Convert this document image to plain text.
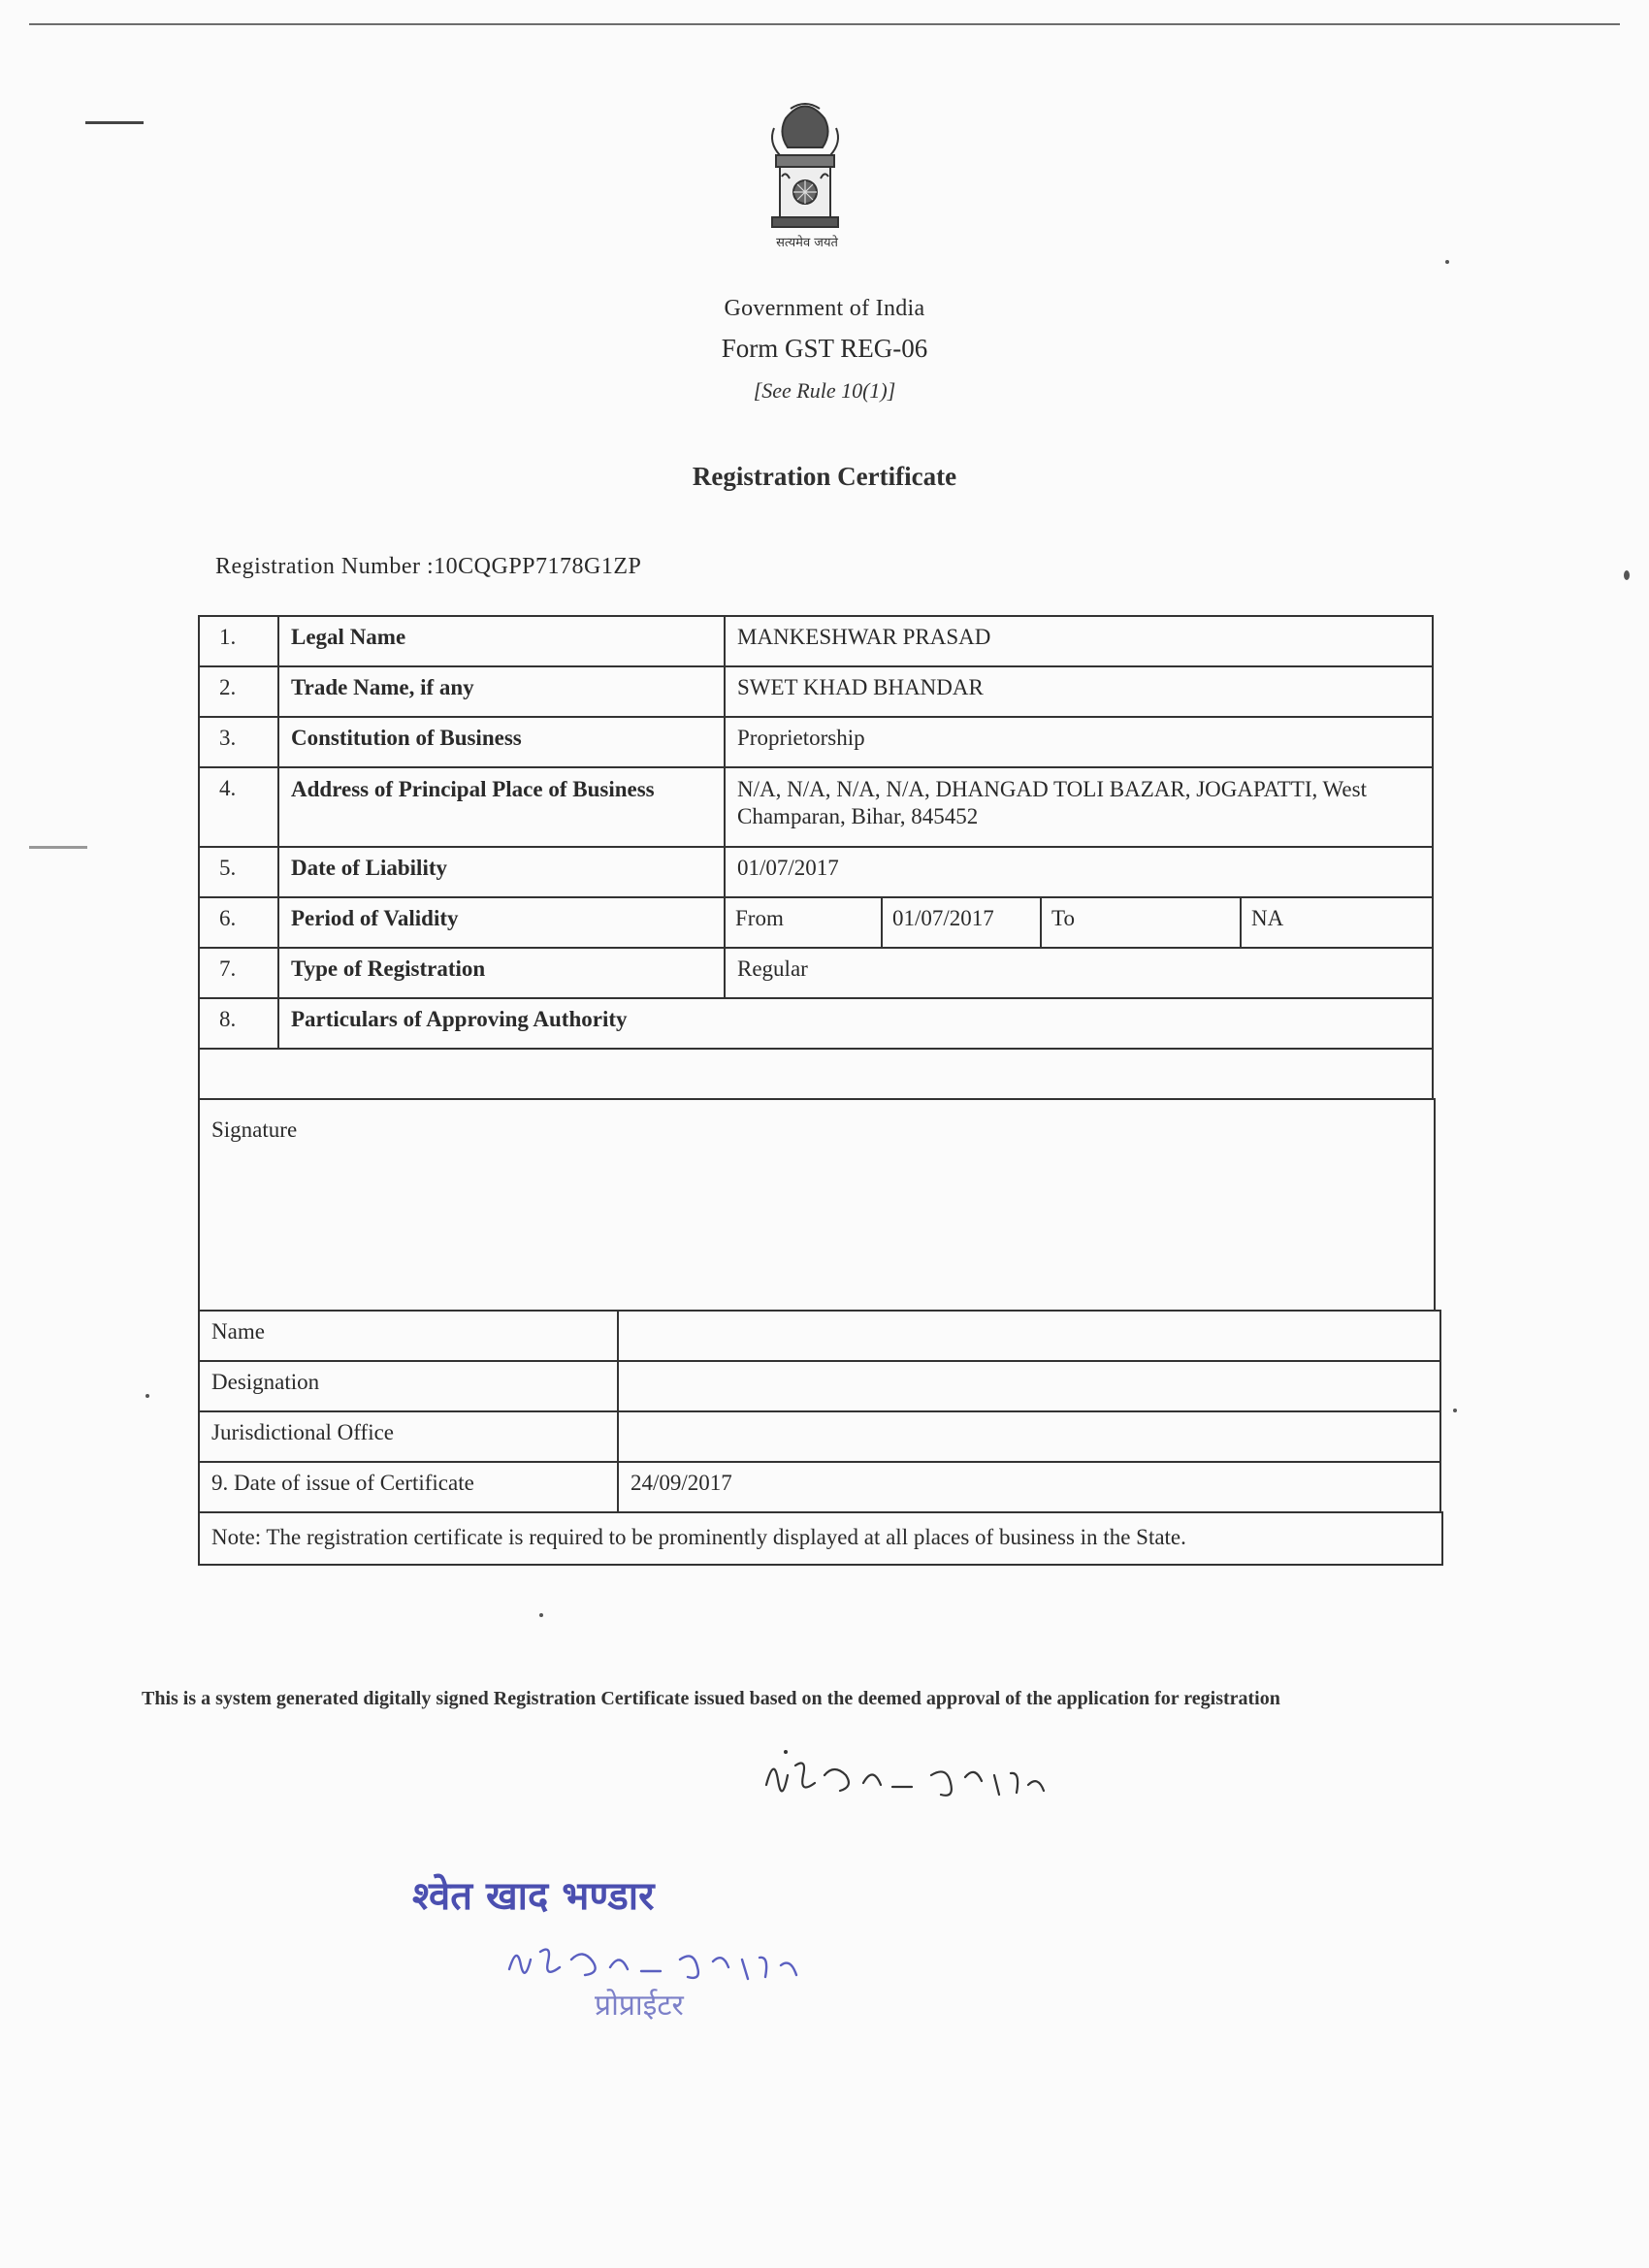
सत्यमेव जयते
Government of India
Form GST REG-06
[See Rule 10(1)]
Registration Certificate
Registration Number :10CQGPP7178G1ZP
1.	Legal Name	MANKESHWAR PRASAD
2.	Trade Name, if any	SWET KHAD BHANDAR
3.	Constitution of Business	Proprietorship
4.	Address of Principal Place of Business	N/A, N/A, N/A, N/A, DHANGAD TOLI BAZAR, JOGAPATTI, West Champaran, Bihar, 845452
5.	Date of Liability	01/07/2017
6.	Period of Validity	From	01/07/2017	To	NA
7.	Type of Registration	Regular
8.	Particulars of Approving Authority
Signature
Name
Designation
Jurisdictional Office
9. Date of issue of Certificate	24/09/2017
Note: The registration certificate is required to be prominently displayed at all places of business in the State.
This is a system generated digitally signed Registration Certificate issued based on the deemed approval of the application for registration
श्वेत खाद भण्डार
प्रोप्राईटर
